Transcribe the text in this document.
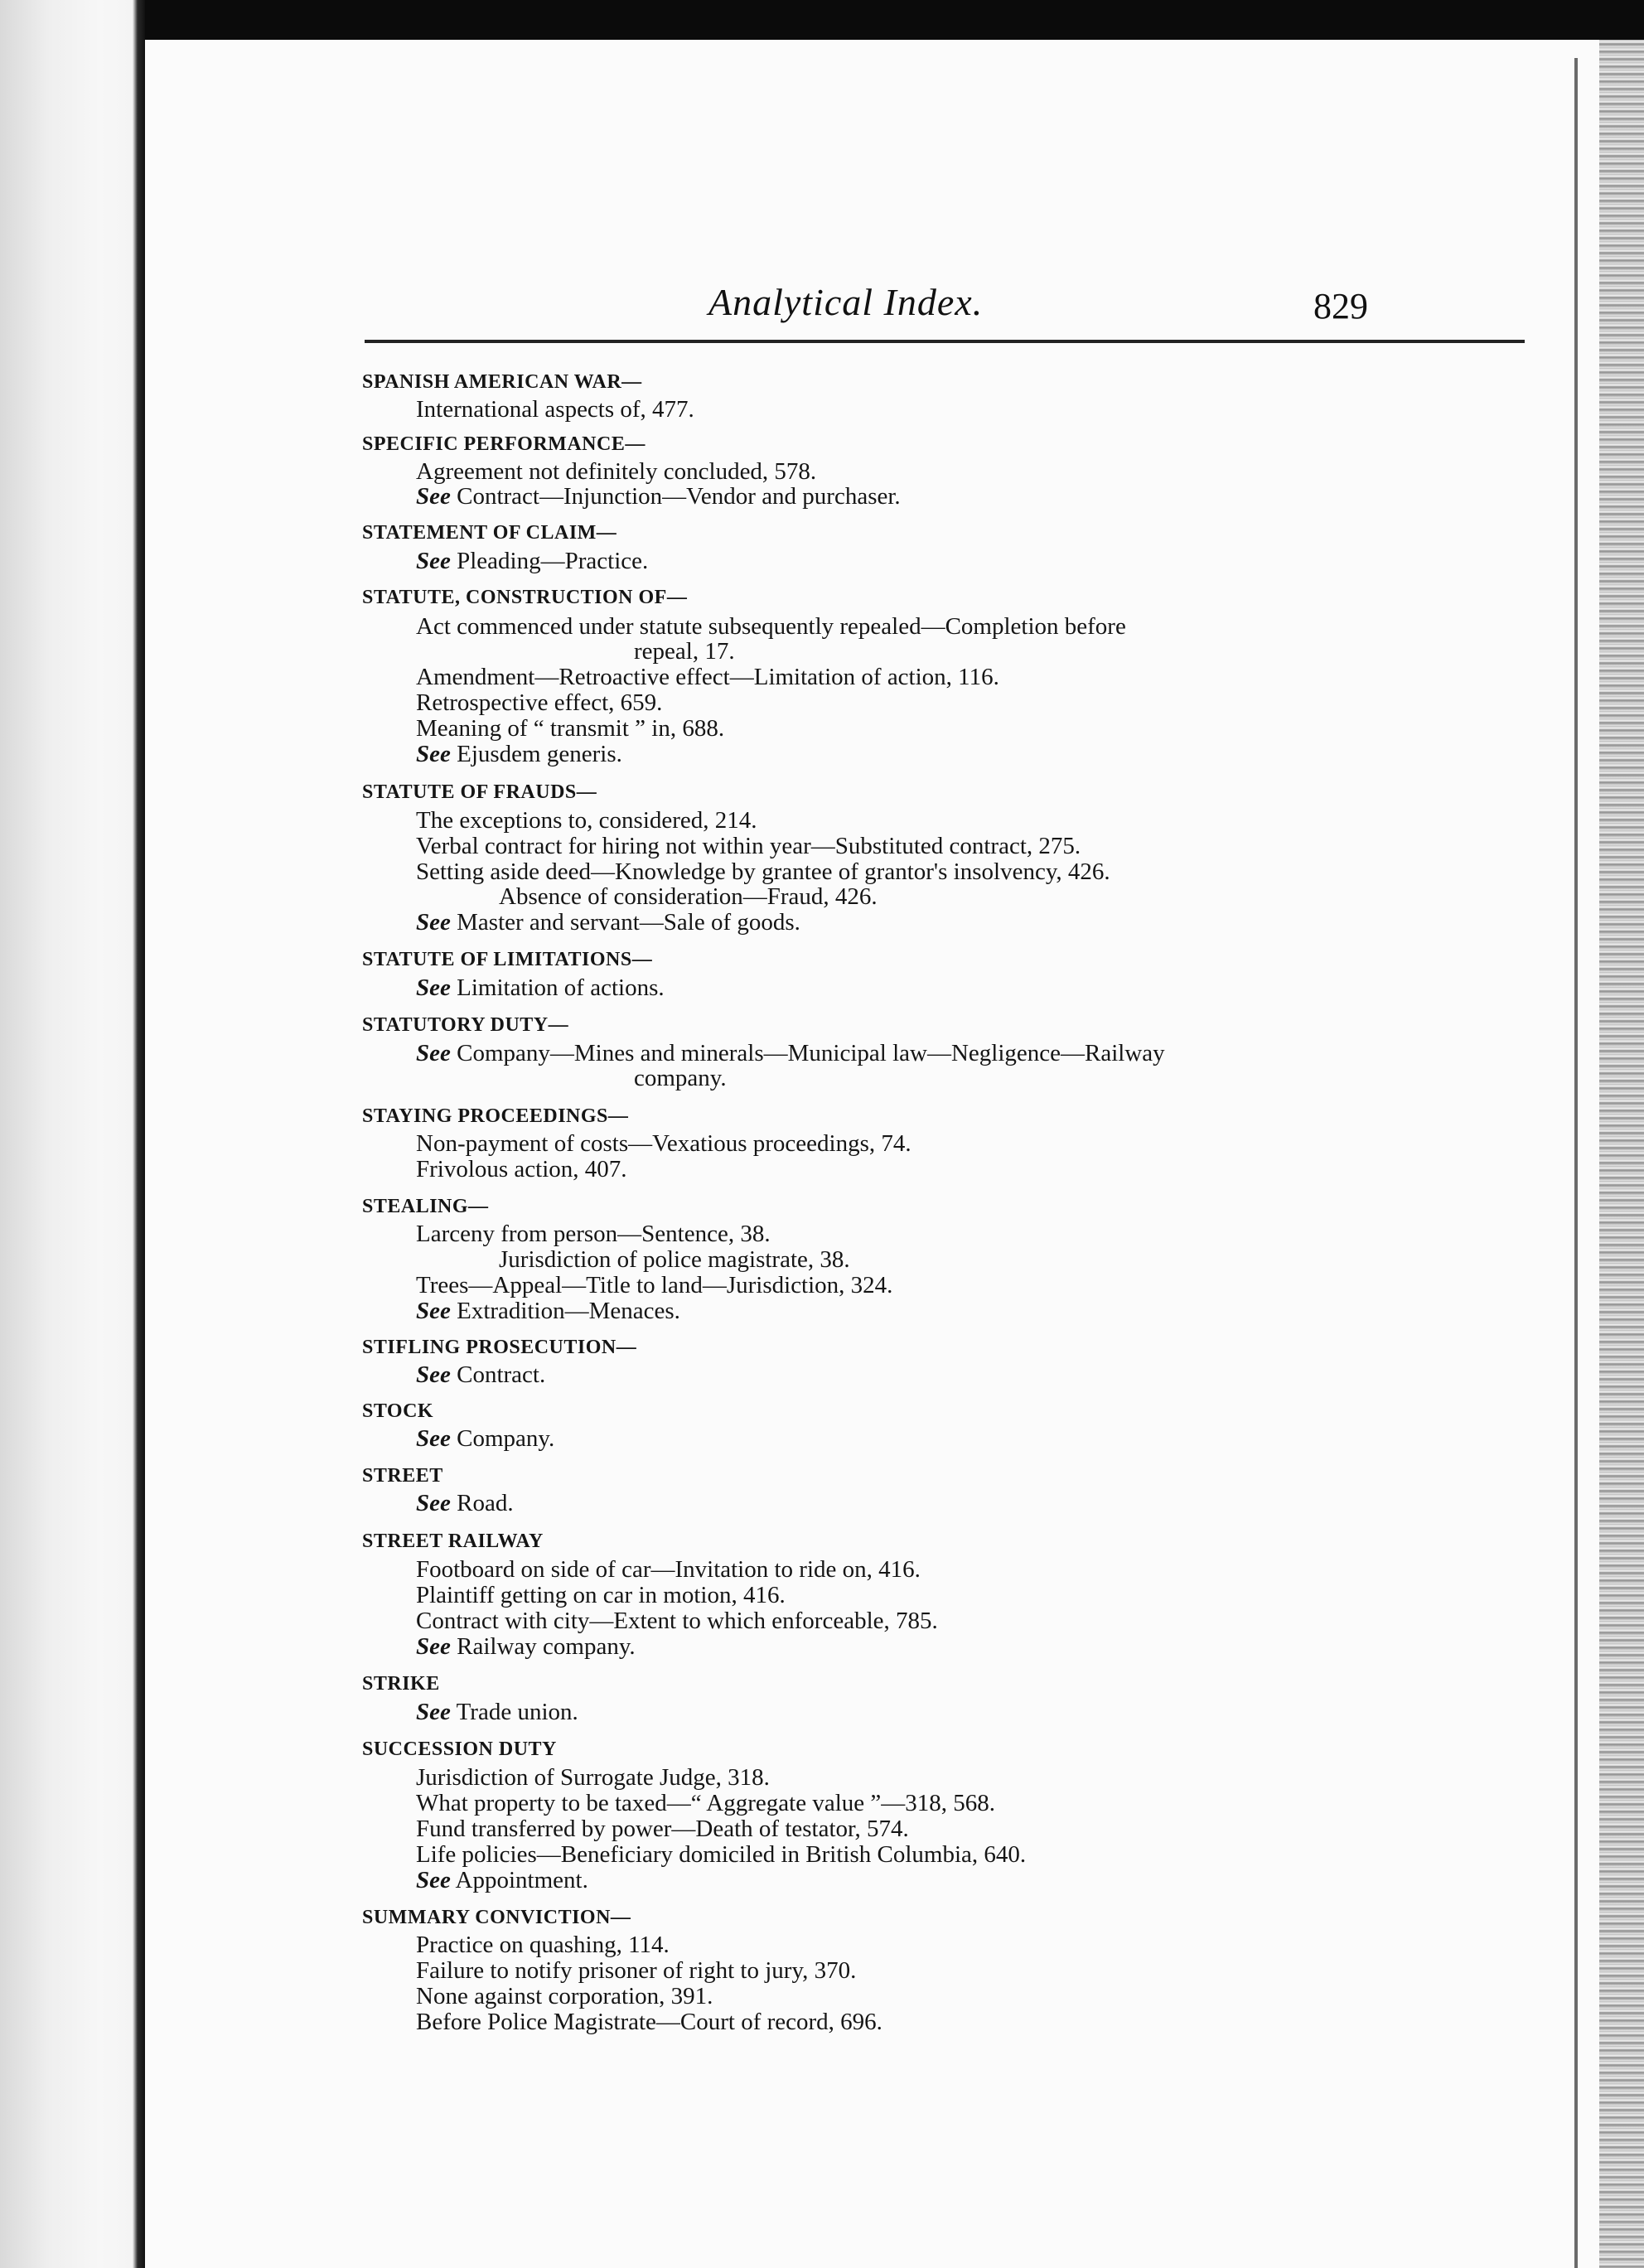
Analytical Index.	829
SPANISH AMERICAN WAR—
International aspects of, 477.
SPECIFIC PERFORMANCE—
Agreement not definitely concluded, 578.
See Contract—Injunction—Vendor and purchaser.
STATEMENT OF CLAIM—
See Pleading—Practice.
STATUTE, CONSTRUCTION OF—
Act commenced under statute subsequently repealed—Completion before
repeal, 17.
Amendment—Retroactive effect—Limitation of action, 116.
Retrospective effect, 659.
Meaning of “ transmit ” in, 688.
See Ejusdem generis.
STATUTE OF FRAUDS—
The exceptions to, considered, 214.
Verbal contract for hiring not within year—Substituted contract, 275.
Setting aside deed—Knowledge by grantee of grantor's insolvency, 426.
Absence of consideration—Fraud, 426.
See Master and servant—Sale of goods.
STATUTE OF LIMITATIONS—
See Limitation of actions.
STATUTORY DUTY—
See Company—Mines and minerals—Municipal law—Negligence—Railway
company.
STAYING PROCEEDINGS—
Non-payment of costs—Vexatious proceedings, 74.
Frivolous action, 407.
STEALING—
Larceny from person—Sentence, 38.
Jurisdiction of police magistrate, 38.
Trees—Appeal—Title to land—Jurisdiction, 324.
See Extradition—Menaces.
STIFLING PROSECUTION—
See Contract.
STOCK
See Company.
STREET
See Road.
STREET RAILWAY
Footboard on side of car—Invitation to ride on, 416.
Plaintiff getting on car in motion, 416.
Contract with city—Extent to which enforceable, 785.
See Railway company.
STRIKE
See Trade union.
SUCCESSION DUTY
Jurisdiction of Surrogate Judge, 318.
What property to be taxed—“ Aggregate value ”—318, 568.
Fund transferred by power—Death of testator, 574.
Life policies—Beneficiary domiciled in British Columbia, 640.
See Appointment.
SUMMARY CONVICTION—
Practice on quashing, 114.
Failure to notify prisoner of right to jury, 370.
None against corporation, 391.
Before Police Magistrate—Court of record, 696.
